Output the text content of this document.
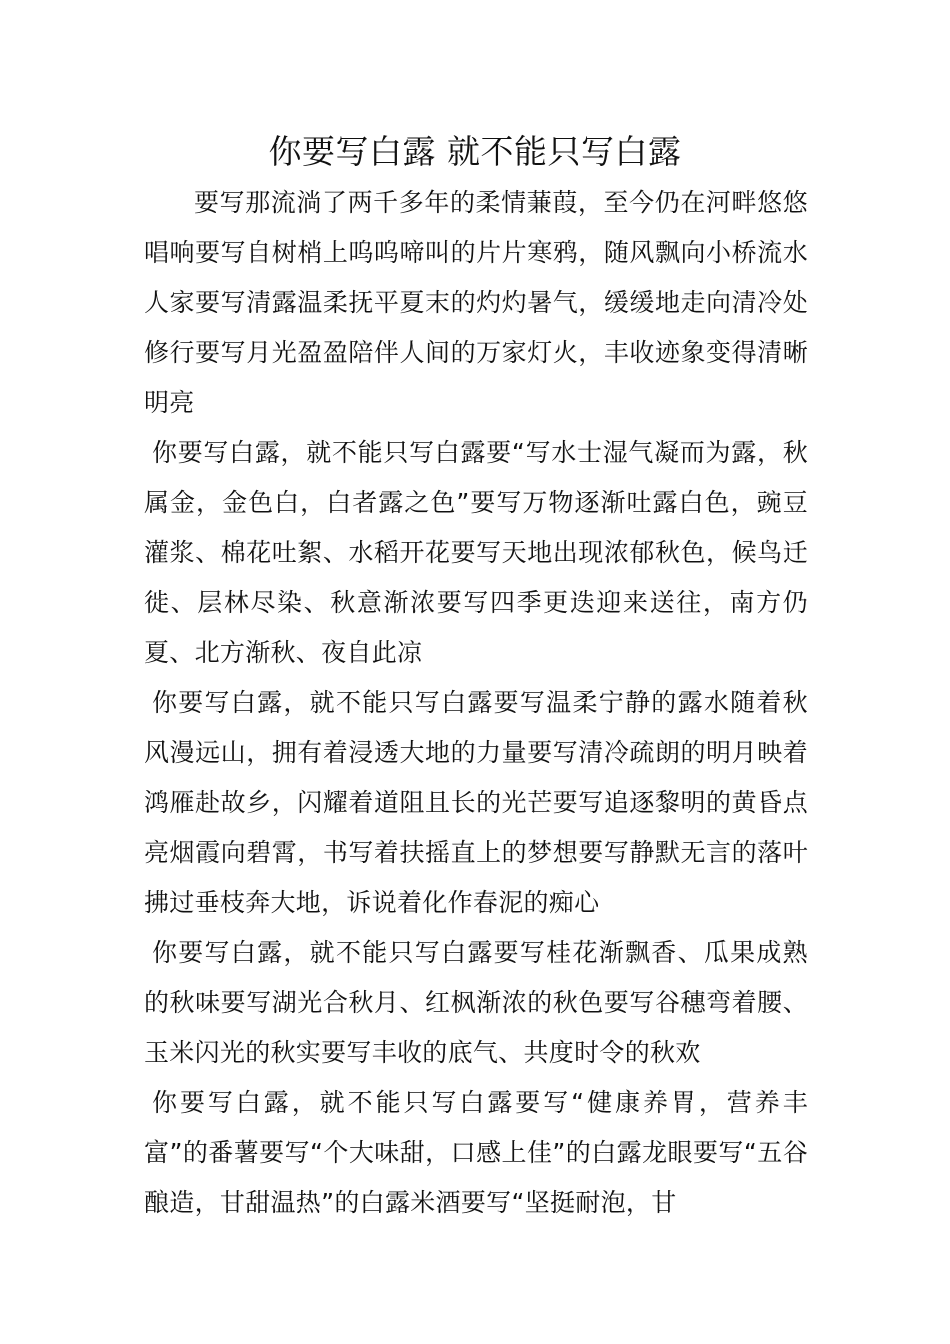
你要写白露 就不能只写白露

要写那流淌了两千多年的柔情蒹葭，至今仍在河畔悠悠唱响要写自树梢上呜呜啼叫的片片寒鸦，随风飘向小桥流水人家要写清露温柔抚平夏末的灼灼暑气，缓缓地走向清冷处修行要写月光盈盈陪伴人间的万家灯火，丰收迹象变得清晰明亮

你要写白露，就不能只写白露要“写水士湿气凝而为露，秋属金，金色白，白者露之色”要写万物逐渐吐露白色，豌豆灌浆、棉花吐絮、水稻开花要写天地出现浓郁秋色，候鸟迁徙、层林尽染、秋意渐浓要写四季更迭迎来送往，南方仍夏、北方渐秋、夜自此凉

你要写白露，就不能只写白露要写温柔宁静的露水随着秋风漫远山，拥有着浸透大地的力量要写清冷疏朗的明月映着鸿雁赴故乡，闪耀着道阻且长的光芒要写追逐黎明的黄昏点亮烟霞向碧霄，书写着扶摇直上的梦想要写静默无言的落叶拂过垂枝奔大地，诉说着化作春泥的痴心

你要写白露，就不能只写白露要写桂花渐飘香、瓜果成熟的秋味要写湖光合秋月、红枫渐浓的秋色要写谷穗弯着腰、玉米闪光的秋实要写丰收的底气、共度时令的秋欢

你要写白露，就不能只写白露要写“健康养胃，营养丰富”的番薯要写“个大味甜，口感上佳”的白露龙眼要写“五谷酿造，甘甜温热”的白露米酒要写“坚挺耐泡，甘
